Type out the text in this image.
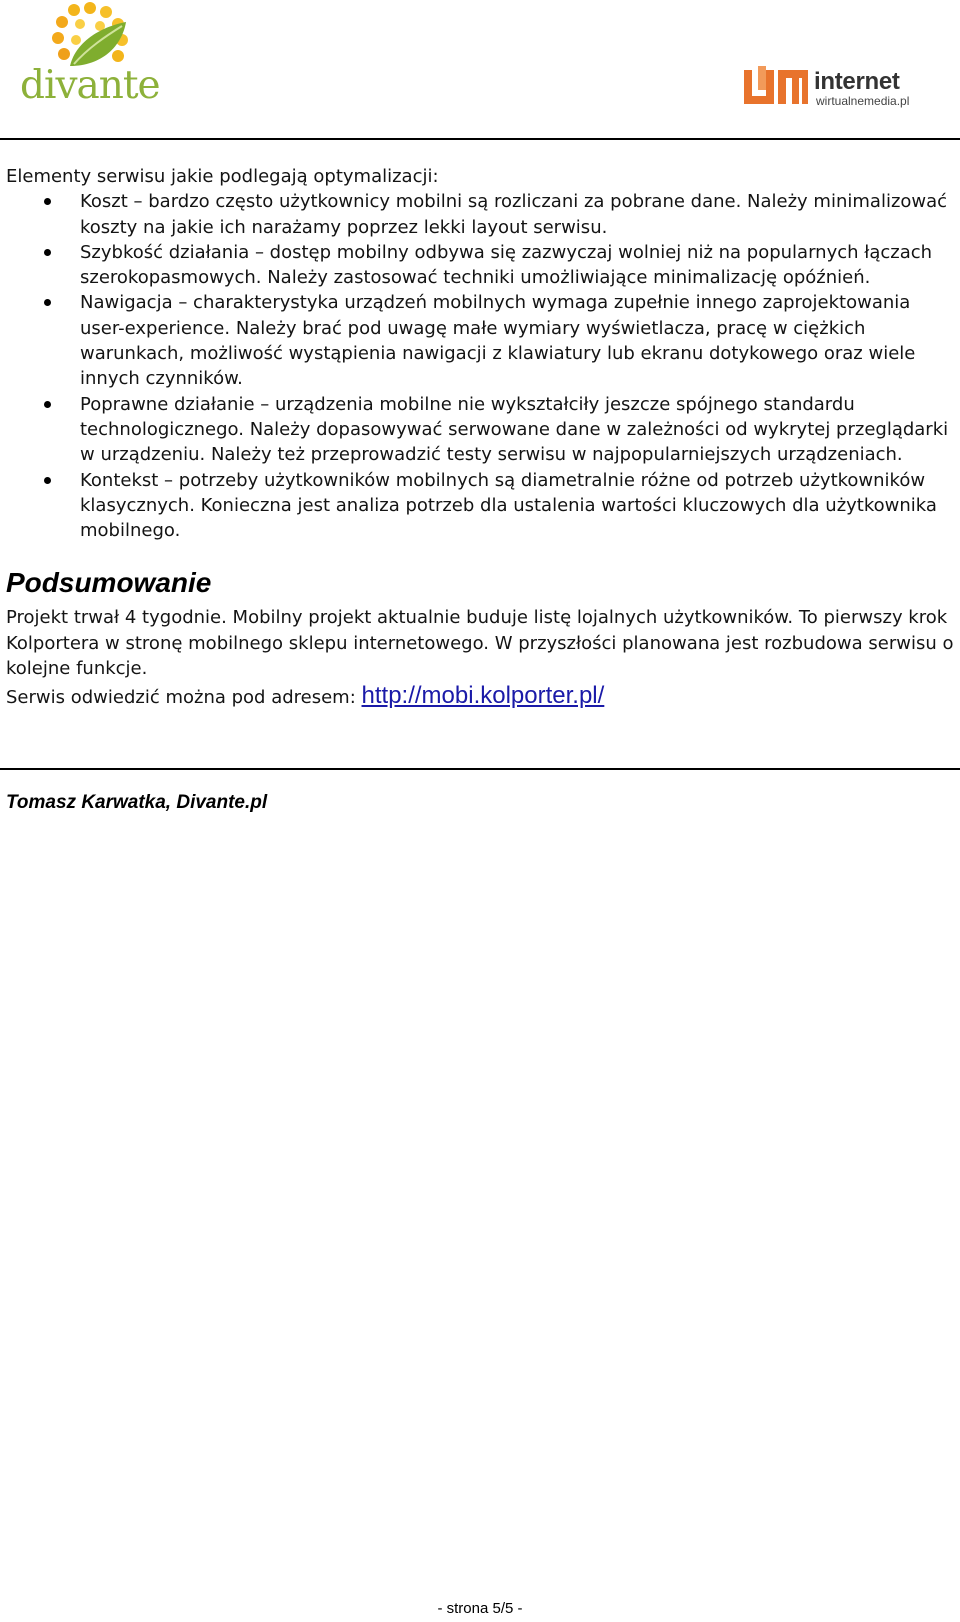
divante	internet
wirtualnemedia.pl

Elementy serwisu jakie podlegają optymalizacji:

Koszt – bardzo często użytkownicy mobilni są rozliczani za pobrane dane. Należy minimalizować koszty na jakie ich narażamy poprzez lekki layout serwisu.
Szybkość działania – dostęp mobilny odbywa się zazwyczaj wolniej niż na popularnych łączach szerokopasmowych. Należy zastosować techniki umożliwiające minimalizację opóźnień.
Nawigacja – charakterystyka urządzeń mobilnych wymaga zupełnie innego zaprojektowania user-experience. Należy brać pod uwagę małe wymiary wyświetlacza, pracę w ciężkich warunkach, możliwość wystąpienia nawigacji z klawiatury lub ekranu dotykowego oraz wiele innych czynników.
Poprawne działanie – urządzenia mobilne nie wykształciły jeszcze spójnego standardu technologicznego. Należy dopasowywać serwowane dane w zależności od wykrytej przeglądarki w urządzeniu. Należy też przeprowadzić testy serwisu w najpopularniejszych urządzeniach.
Kontekst – potrzeby użytkowników mobilnych są diametralnie różne od potrzeb użytkowników klasycznych. Konieczna jest analiza potrzeb dla ustalenia wartości kluczowych dla użytkownika mobilnego.
Podsumowanie

Projekt trwał 4 tygodnie. Mobilny projekt aktualnie buduje listę lojalnych użytkowników. To pierwszy krok Kolportera w stronę mobilnego sklepu internetowego. W przyszłości planowana jest rozbudowa serwisu o kolejne funkcje.

Serwis odwiedzić można pod adresem: http://mobi.kolporter.pl/

Tomasz Karwatka, Divante.pl
- strona 5/5 -
